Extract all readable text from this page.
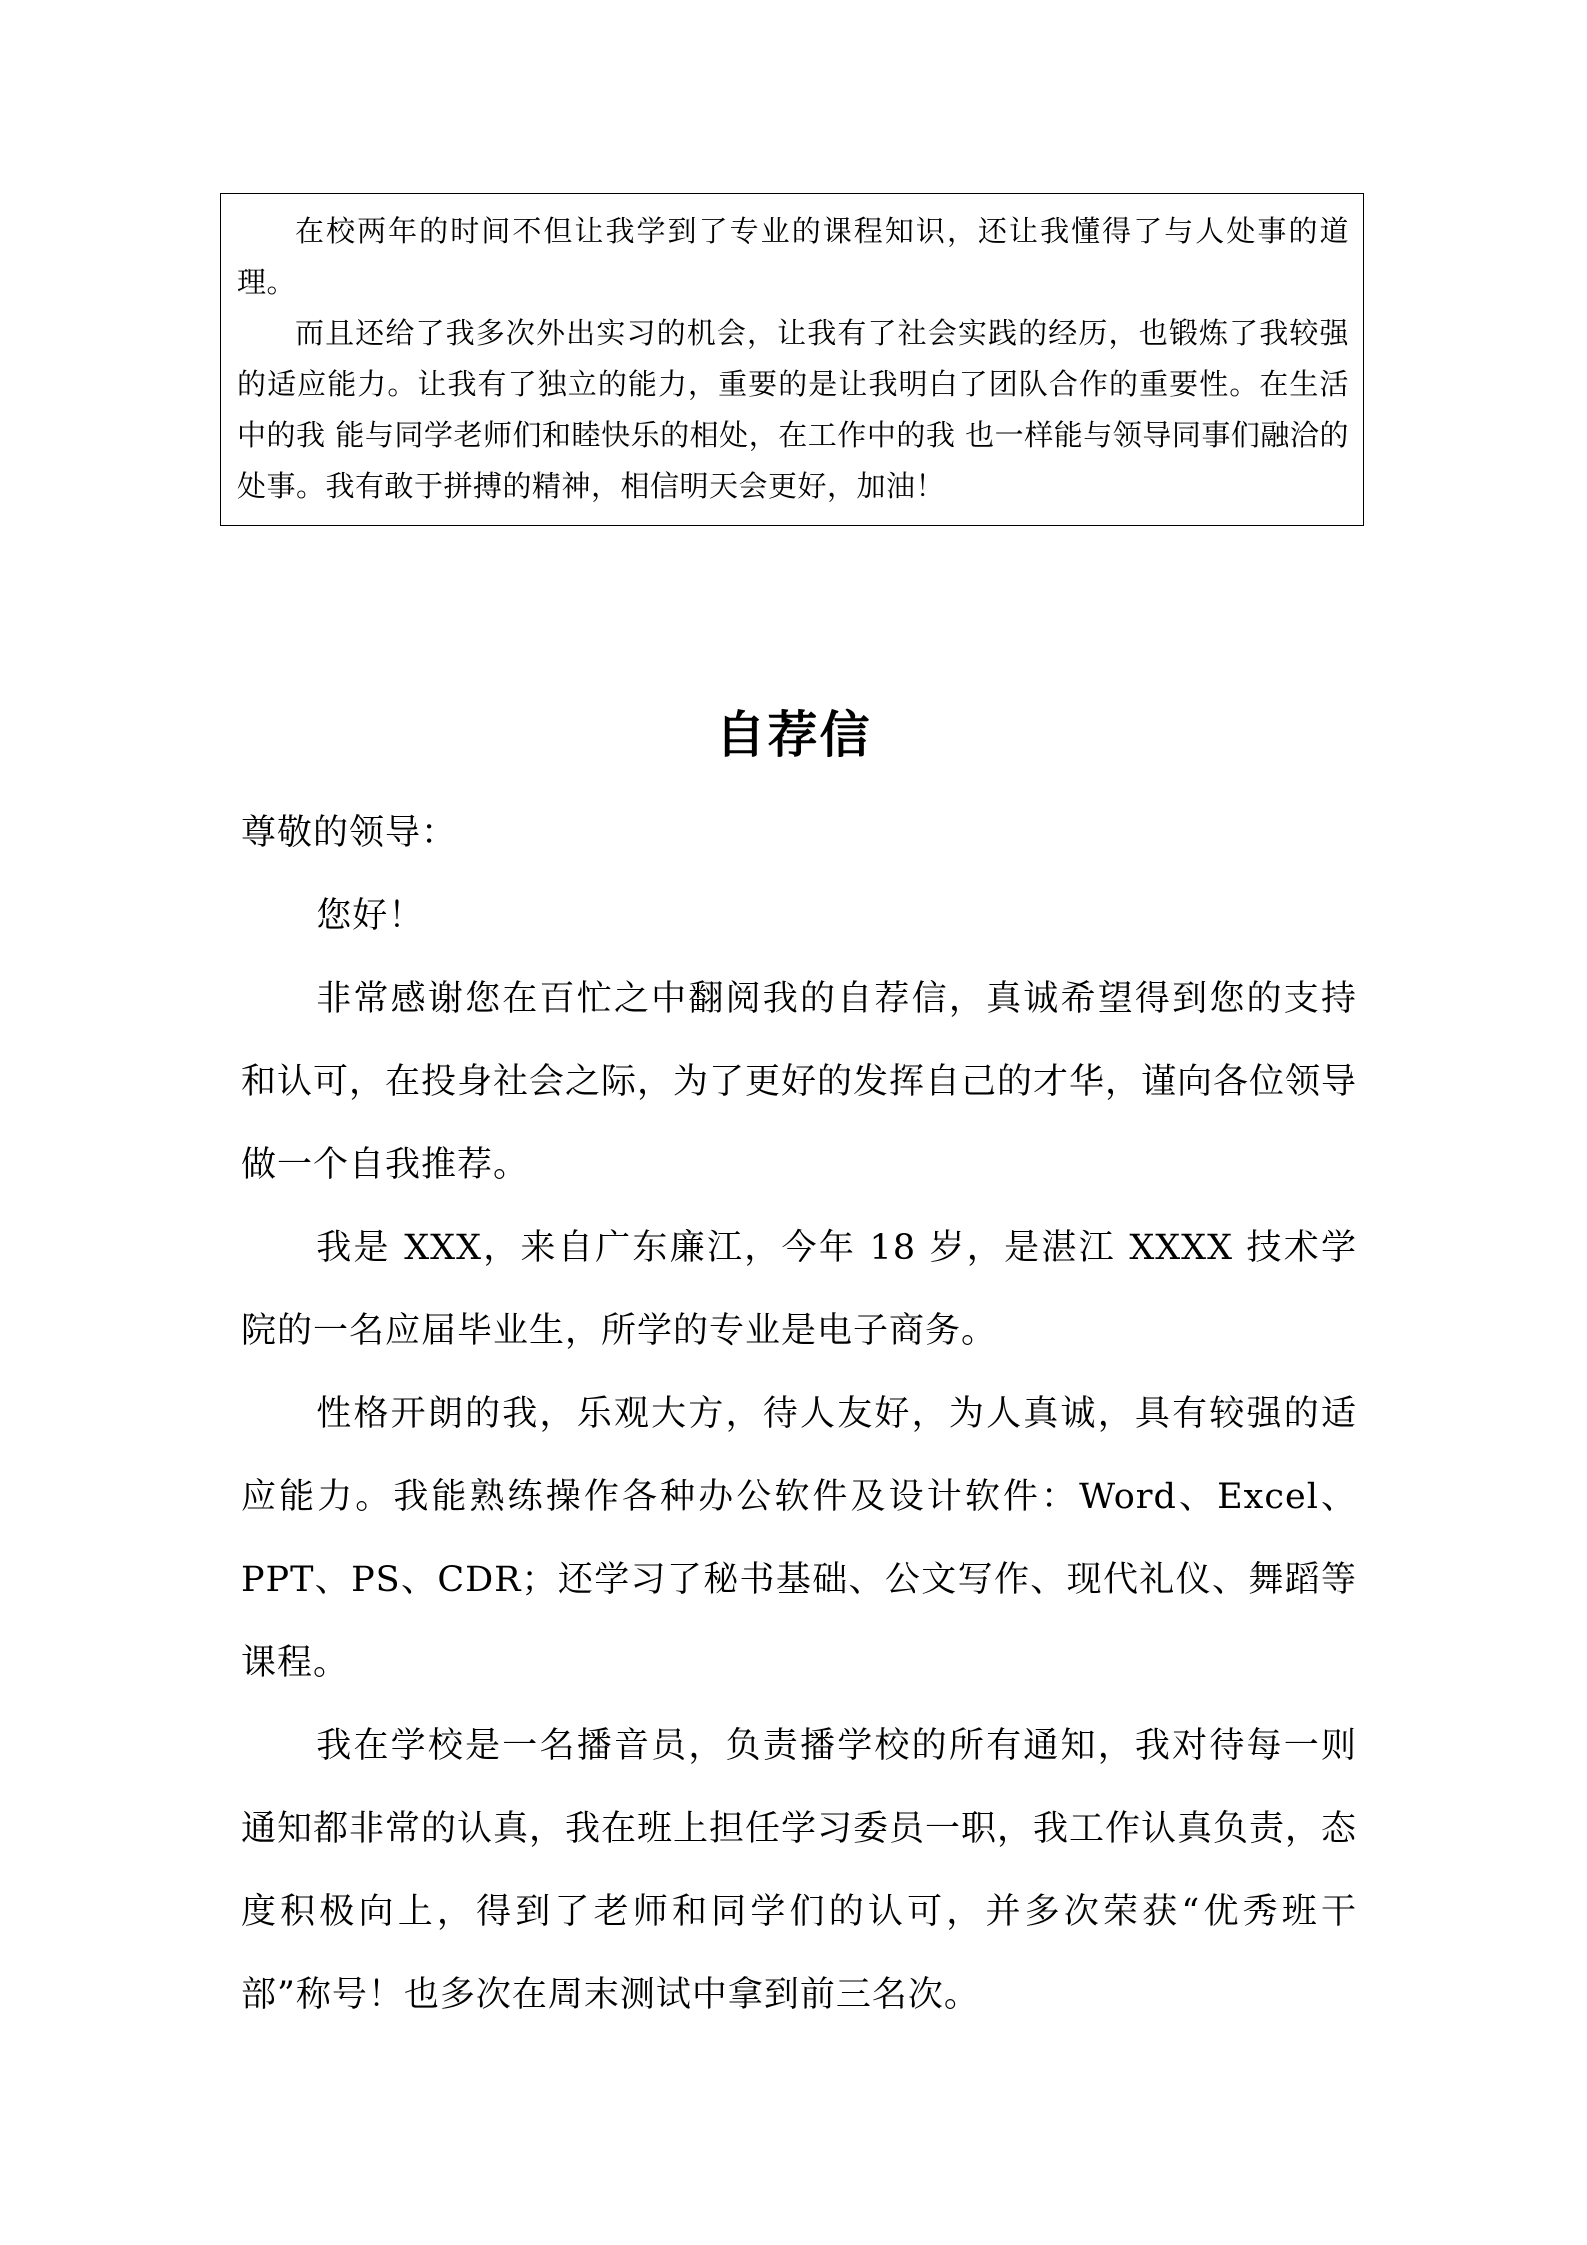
在校两年的时间不但让我学到了专业的课程知识，还让我懂得了与人处事的道理。

而且还给了我多次外出实习的机会，让我有了社会实践的经历，也锻炼了我较强的适应能力。让我有了独立的能力，重要的是让我明白了团队合作的重要性。在生活中的我 能与同学老师们和睦快乐的相处，在工作中的我 也一样能与领导同事们融洽的处事。我有敢于拼搏的精神，相信明天会更好，加油！

自荐信

尊敬的领导：

您好！

非常感谢您在百忙之中翻阅我的自荐信，真诚希望得到您的支持和认可，在投身社会之际，为了更好的发挥自己的才华，谨向各位领导做一个自我推荐。

我是 XXX，来自广东廉江，今年 18 岁，是湛江 XXXX 技术学院的一名应届毕业生，所学的专业是电子商务。

性格开朗的我，乐观大方，待人友好，为人真诚，具有较强的适应能力。我能熟练操作各种办公软件及设计软件：Word、Excel、PPT、PS、CDR；还学习了秘书基础、公文写作、现代礼仪、舞蹈等课程。

我在学校是一名播音员，负责播学校的所有通知，我对待每一则通知都非常的认真，我在班上担任学习委员一职，我工作认真负责，态度积极向上，得到了老师和同学们的认可，并多次荣获“优秀班干部”称号！也多次在周末测试中拿到前三名次。
